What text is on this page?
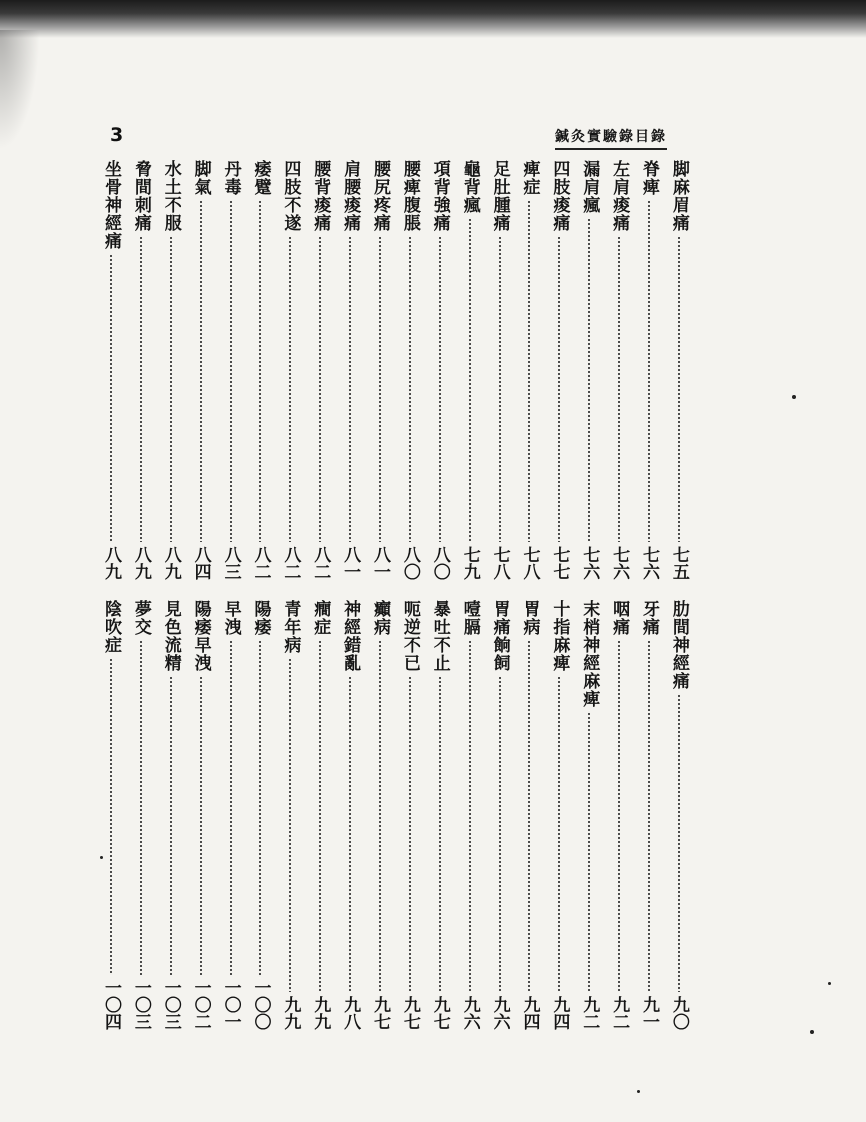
3	鍼灸實驗錄目錄
脚麻眉痛
七五
肋間神經痛
九〇
脊痺
七六
牙痛
九一
左肩痠痛
七六
咽痛
九二
漏肩瘋
七六
末梢神經麻痺
九二
四肢痠痛
七七
十指麻痺
九四
痺症
七八
胃病
九四
足肚腫痛
七八
胃痛餉飼
九六
龜背瘋
七九
噎膈
九六
項背強痛
八〇
暴吐不止
九七
腰痺腹脹
八〇
呃逆不已
九七
腰尻疼痛
八一
癲病
九七
肩腰痠痛
八一
神經錯亂
九八
腰背痠痛
八二
癎症
九九
四肢不遂
八二
青年病
九九
痿躄
八二
陽痿
一〇〇
丹毒
八三
早洩
一〇一
脚氣
八四
陽痿早洩
一〇二
水土不服
八九
見色流精
一〇三
脅間刺痛
八九
夢交
一〇三
坐骨神經痛
八九
陰吹症
一〇四
